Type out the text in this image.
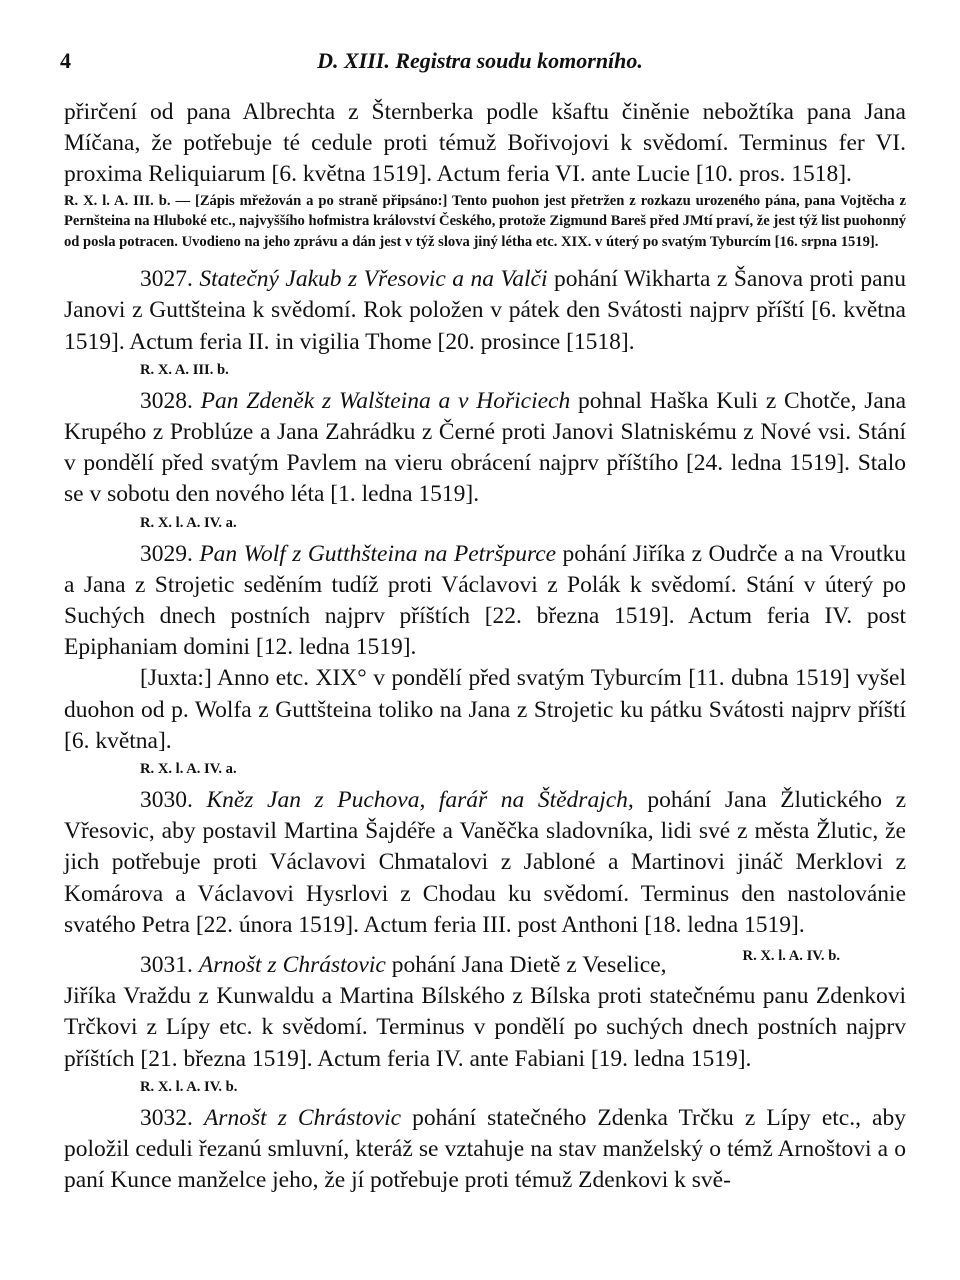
4	D. XIII. Registra soudu komorního.

přirčení od pana Albrechta z Šternberka podle kšaftu činěnie nebožtíka pana Jana Míčana, že potřebuje té cedule proti témuž Bořivojovi k svědomí. Terminus fer VI. proxima Reliquiarum [6. května 1519]. Actum feria VI. ante Lucie [10. pros. 1518].

R. X. l. A. III. b. — [Zápis mřežován a po straně připsáno:] Tento puohon jest přetržen z rozkazu urozeného pána, pana Vojtěcha z Pernšteina na Hluboké etc., najvyššího hofmistra království Českého, protože Zigmund Bareš před JMtí praví, že jest týž list puohonný od posla potracen. Uvodieno na jeho zprávu a dán jest v týž slova jiný létha etc. XIX. v úterý po svatým Tyburcím [16. srpna 1519].

3027. Statečný Jakub z Vřesovic a na Valči pohání Wikharta z Šanova proti panu Janovi z Guttšteina k svědomí. Rok položen v pátek den Svátosti najprv příští [6. května 1519]. Actum feria II. in vigilia Thome [20. prosince [1518].

R. X. A. III. b.

3028. Pan Zdeněk z Walšteina a v Hořiciech pohnal Haška Kuli z Chotče, Jana Krupého z Problúze a Jana Zahrádku z Černé proti Janovi Slatniskému z Nové vsi. Stání v pondělí před svatým Pavlem na vieru obrácení najprv příštího [24. ledna 1519]. Stalo se v sobotu den nového léta [1. ledna 1519].

R. X. l. A. IV. a.

3029. Pan Wolf z Gutthšteina na Petršpurce pohání Jiříka z Oudrče a na Vroutku a Jana z Strojetic seděním tudíž proti Václavovi z Polák k svědomí. Stání v úterý po Suchých dnech postních najprv příštích [22. března 1519]. Actum feria IV. post Epiphaniam domini [12. ledna 1519].

[Juxta:] Anno etc. XIX° v pondělí před svatým Tyburcím [11. dubna 1519] vyšel duohon od p. Wolfa z Guttšteina toliko na Jana z Strojetic ku pátku Svátosti najprv příští [6. května].

R. X. l. A. IV. a.

3030. Kněz Jan z Puchova, farář na Štědrajch, pohání Jana Žlutického z Vřesovic, aby postavil Martina Šajdéře a Vaněčka sladovníka, lidi své z města Žlutic, že jich potřebuje proti Václavovi Chmatalovi z Jabloné a Martinovi jináč Merklovi z Komárova a Václavovi Hysrlovi z Chodau ku svědomí. Terminus den nastolovánie svatého Petra [22. února 1519]. Actum feria III. post Anthoni [18. ledna 1519].
R. X. l. A. IV. b.

3031. Arnošt z Chrástovic pohání Jana Dietě z Veselice, Jiříka Vraždu z Kunwaldu a Martina Bílského z Bílska proti statečnému panu Zdenkovi Trčkovi z Lípy etc. k svědomí. Terminus v pondělí po suchých dnech postních najprv příštích [21. března 1519]. Actum feria IV. ante Fabiani [19. ledna 1519].

R. X. l. A. IV. b.

3032. Arnošt z Chrástovic pohání statečného Zdenka Trčku z Lípy etc., aby položil ceduli řezanú smluvní, kteráž se vztahuje na stav manželský o témž Arnoštovi a o paní Kunce manželce jeho, že jí potřebuje proti témuž Zdenkovi k svě-
